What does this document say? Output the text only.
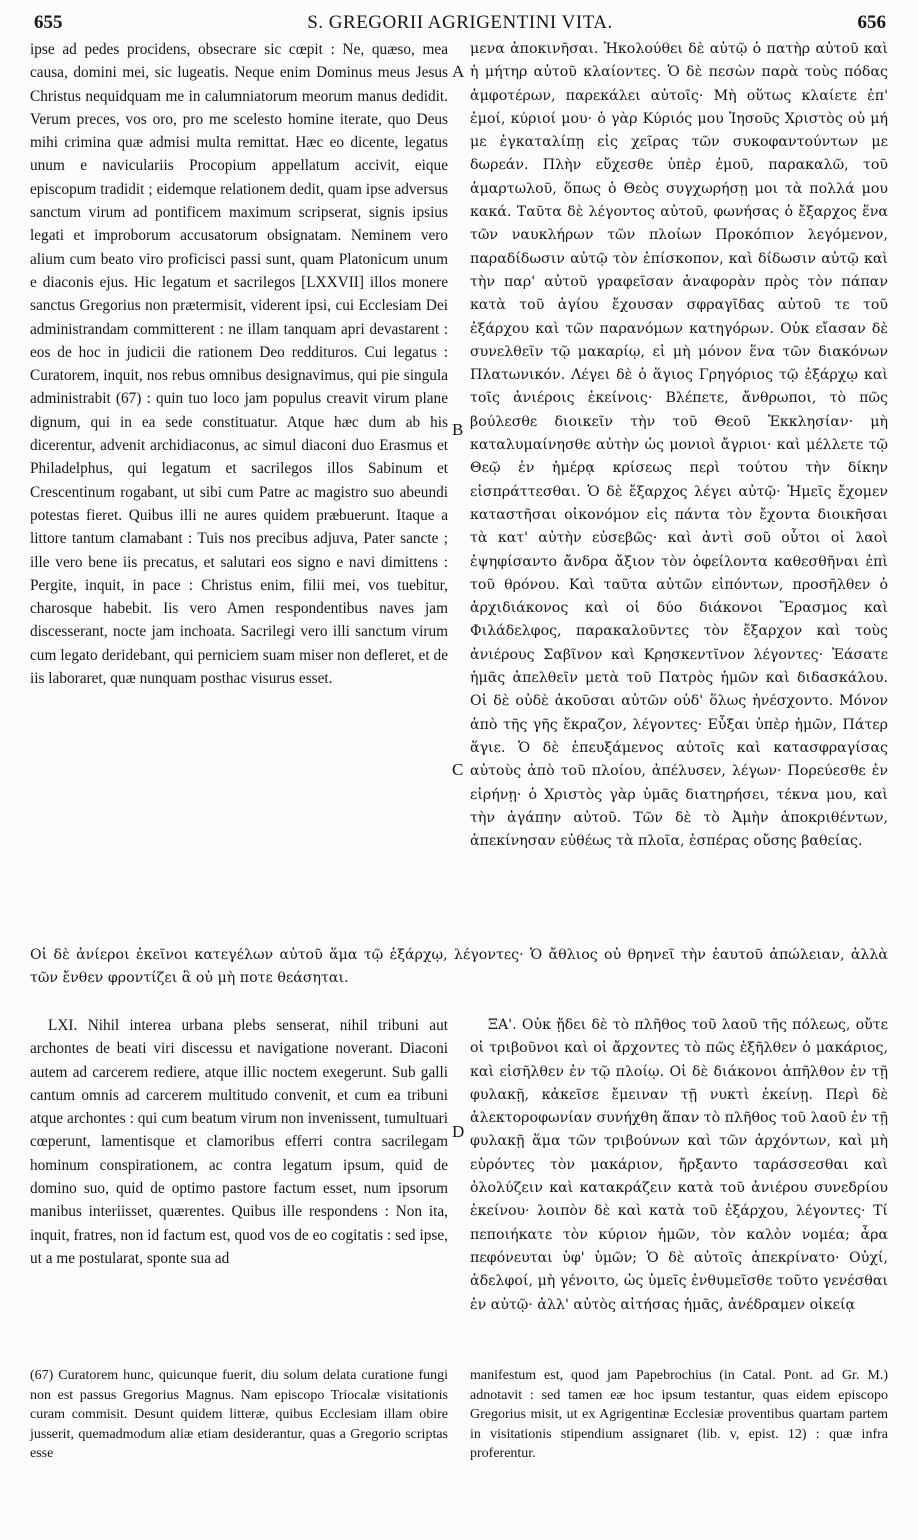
655	S. GREGORII AGRIGENTINI VITA.	656
A
B
C
D

ipse ad pedes procidens, obsecrare sic cœpit : Ne, quæso, mea causa, domini mei, sic lugeatis. Neque enim Dominus meus Jesus Christus nequidquam me in calumniatorum meorum manus dedidit. Verum preces, vos oro, pro me scelesto homine iterate, quo Deus mihi crimina quæ admisi multa remittat. Hæc eo dicente, legatus unum e naviculariis Procopium appellatum accivit, eique episcopum tradidit ; eidemque relationem dedit, quam ipse adversus sanctum virum ad pontificem maximum scripserat, signis ipsius legati et improborum accusatorum obsignatam. Neminem vero alium cum beato viro proficisci passi sunt, quam Platonicum unum e diaconis ejus. Hic legatum et sacrilegos [LXXVII] illos monere sanctus Gregorius non prætermisit, viderent ipsi, cui Ecclesiam Dei administrandam committerent : ne illam tanquam apri devastarent : eos de hoc in judicii die rationem Deo reddituros. Cui legatus : Curatorem, inquit, nos rebus omnibus designavimus, qui pie singula administrabit (67) : quin tuo loco jam populus creavit virum plane dignum, qui in ea sede constituatur. Atque hæc dum ab his dicerentur, advenit archidiaconus, ac simul diaconi duo Erasmus et Philadelphus, qui legatum et sacrilegos illos Sabinum et Crescentinum rogabant, ut sibi cum Patre ac magistro suo abeundi potestas fieret. Quibus illi ne aures quidem præbuerunt. Itaque a littore tantum clamabant : Tuis nos precibus adjuva, Pater sancte ; ille vero bene iis precatus, et salutari eos signo e navi dimittens : Pergite, inquit, in pace : Christus enim, filii mei, vos tuebitur, charosque habebit. Iis vero Amen respondentibus naves jam discesserant, nocte jam inchoata. Sacrilegi vero illi sanctum virum cum legato deridebant, qui perniciem suam miser non defleret, et de iis laboraret, quæ nunquam posthac visurus esset.

μενα ἀποκινῆσαι. Ἠκολούθει δὲ αὐτῷ ὁ πατὴρ αὐτοῦ καὶ ἡ μήτηρ αὐτοῦ κλαίοντες. Ὁ δὲ πεσὼν παρὰ τοὺς πόδας ἀμφοτέρων, παρεκάλει αὐτοῖς· Μὴ οὕτως κλαίετε ἐπ' ἐμοί, κύριοί μου· ὁ γὰρ Κύριός μου Ἰησοῦς Χριστὸς οὐ μή με ἐγκαταλίπῃ εἰς χεῖρας τῶν συκοφαντούντων με δωρεάν. Πλὴν εὔχεσθε ὑπὲρ ἐμοῦ, παρακαλῶ, τοῦ ἁμαρτωλοῦ, ὅπως ὁ Θεὸς συγχωρήσῃ μοι τὰ πολλά μου κακά. Ταῦτα δὲ λέγοντος αὐτοῦ, φωνήσας ὁ ἔξαρχος ἕνα τῶν ναυκλήρων τῶν πλοίων Προκόπιον λεγόμενον, παραδίδωσιν αὐτῷ τὸν ἐπίσκοπον, καὶ δίδωσιν αὐτῷ καὶ τὴν παρ' αὐτοῦ γραφεῖσαν ἀναφορὰν πρὸς τὸν πάπαν κατὰ τοῦ ἁγίου ἔχουσαν σφραγῖδας αὐτοῦ τε τοῦ ἐξάρχου καὶ τῶν παρανόμων κατηγόρων. Οὐκ εἴασαν δὲ συνελθεῖν τῷ μακαρίῳ, εἰ μὴ μόνον ἕνα τῶν διακόνων Πλατωνικόν. Λέγει δὲ ὁ ἅγιος Γρηγόριος τῷ ἐξάρχῳ καὶ τοῖς ἀνιέροις ἐκείνοις· Βλέπετε, ἄνθρωποι, τὸ πῶς βούλεσθε διοικεῖν τὴν τοῦ Θεοῦ Ἐκκλησίαν· μὴ καταλυμαίνησθε αὐτὴν ὡς μονιοὶ ἄγριοι· καὶ μέλλετε τῷ Θεῷ ἐν ἡμέρᾳ κρίσεως περὶ τούτου τὴν δίκην εἰσπράττεσθαι. Ὁ δὲ ἔξαρχος λέγει αὐτῷ· Ἡμεῖς ἔχομεν καταστῆσαι οἰκονόμον εἰς πάντα τὸν ἔχοντα διοικῆσαι τὰ κατ' αὐτὴν εὐσεβῶς· καὶ ἀντὶ σοῦ οὗτοι οἱ λαοὶ ἐψηφίσαντο ἄνδρα ἄξιον τὸν ὀφείλοντα καθεσθῆναι ἐπὶ τοῦ θρόνου. Καὶ ταῦτα αὐτῶν εἰπόντων, προσῆλθεν ὁ ἀρχιδιάκονος καὶ οἱ δύο διάκονοι Ἔρασμος καὶ Φιλάδελφος, παρακαλοῦντες τὸν ἔξαρχον καὶ τοὺς ἀνιέρους Σαβῖνον καὶ Κρησκεντῖνον λέγοντες· Ἐάσατε ἡμᾶς ἀπελθεῖν μετὰ τοῦ Πατρὸς ἡμῶν καὶ διδασκάλου. Οἱ δὲ οὐδὲ ἀκοῦσαι αὐτῶν οὐδ' ὅλως ἠνέσχοντο. Μόνον ἀπὸ τῆς γῆς ἔκραζον, λέγοντες· Εὖξαι ὑπὲρ ἡμῶν, Πάτερ ἅγιε. Ὁ δὲ ἐπευξάμενος αὐτοῖς καὶ κατασφραγίσας αὐτοὺς ἀπὸ τοῦ πλοίου, ἀπέλυσεν, λέγων· Πορεύεσθε ἐν εἰρήνῃ· ὁ Χριστὸς γὰρ ὑμᾶς διατηρήσει, τέκνα μου, καὶ τὴν ἀγάπην αὐτοῦ. Τῶν δὲ τὸ Ἀμὴν ἀποκριθέντων, ἀπεκίνησαν εὐθέως τὰ πλοῖα, ἑσπέρας οὔσης βαθείας.

Οἱ δὲ ἀνίεροι ἐκεῖνοι κατεγέλων αὐτοῦ ἅμα τῷ ἐξάρχῳ, λέγοντες· Ὁ ἄθλιος οὐ θρηνεῖ τὴν ἑαυτοῦ ἀπώλειαν, ἀλλὰ τῶν ἔνθεν φροντίζει ἃ οὐ μὴ ποτε θεάσηται.

LXI. Nihil interea urbana plebs senserat, nihil tribuni aut archontes de beati viri discessu et navigatione noverant. Diaconi autem ad carcerem rediere, atque illic noctem exegerunt. Sub galli cantum omnis ad carcerem multitudo convenit, et cum ea tribuni atque archontes : qui cum beatum virum non invenissent, tumultuari cœperunt, lamentisque et clamoribus efferri contra sacrilegam hominum conspirationem, ac contra legatum ipsum, quid de domino suo, quid de optimo pastore factum esset, num ipsorum manibus interiisset, quærentes. Quibus ille respondens : Non ita, inquit, fratres, non id factum est, quod vos de eo cogitatis : sed ipse, ut a me postularat, sponte sua ad

ΞΑ'. Οὐκ ᾔδει δὲ τὸ πλῆθος τοῦ λαοῦ τῆς πόλεως, οὔτε οἱ τριβοῦνοι καὶ οἱ ἄρχοντες τὸ πῶς ἐξῆλθεν ὁ μακάριος, καὶ εἰσῆλθεν ἐν τῷ πλοίῳ. Οἱ δὲ διάκονοι ἀπῆλθον ἐν τῇ φυλακῇ, κἀκεῖσε ἔμειναν τῇ νυκτὶ ἐκείνῃ. Περὶ δὲ ἀλεκτοροφωνίαν συνήχθη ἅπαν τὸ πλῆθος τοῦ λαοῦ ἐν τῇ φυλακῇ ἅμα τῶν τριβούνων καὶ τῶν ἀρχόντων, καὶ μὴ εὑρόντες τὸν μακάριον, ἤρξαντο ταράσσεσθαι καὶ ὀλολύζειν καὶ κατακράζειν κατὰ τοῦ ἀνιέρου συνεδρίου ἐκείνου· λοιπὸν δὲ καὶ κατὰ τοῦ ἐξάρχου, λέγοντες· Τί πεποιήκατε τὸν κύριον ἡμῶν, τὸν καλὸν νομέα; ἆρα πεφόνευται ὑφ' ὑμῶν; Ὁ δὲ αὐτοῖς ἀπεκρίνατο· Οὐχί, ἀδελφοί, μὴ γένοιτο, ὡς ὑμεῖς ἐνθυμεῖσθε τοῦτο γενέσθαι ἐν αὐτῷ· ἀλλ' αὐτὸς αἰτήσας ἡμᾶς, ἀνέδραμεν οἰκείᾳ

(67) Curatorem hunc, quicunque fuerit, diu solum delata curatione fungi non est passus Gregorius Magnus. Nam episcopo Triocalæ visitationis curam commisit. Desunt quidem litteræ, quibus Ecclesiam illam obire jusserit, quemadmodum aliæ etiam desiderantur, quas a Gregorio scriptas esse

manifestum est, quod jam Papebrochius (in Catal. Pont. ad Gr. M.) adnotavit : sed tamen eæ hoc ipsum testantur, quas eidem episcopo Gregorius misit, ut ex Agrigentinæ Ecclesiæ proventibus quartam partem in visitationis stipendium assignaret (lib. v, epist. 12) : quæ infra proferentur.
